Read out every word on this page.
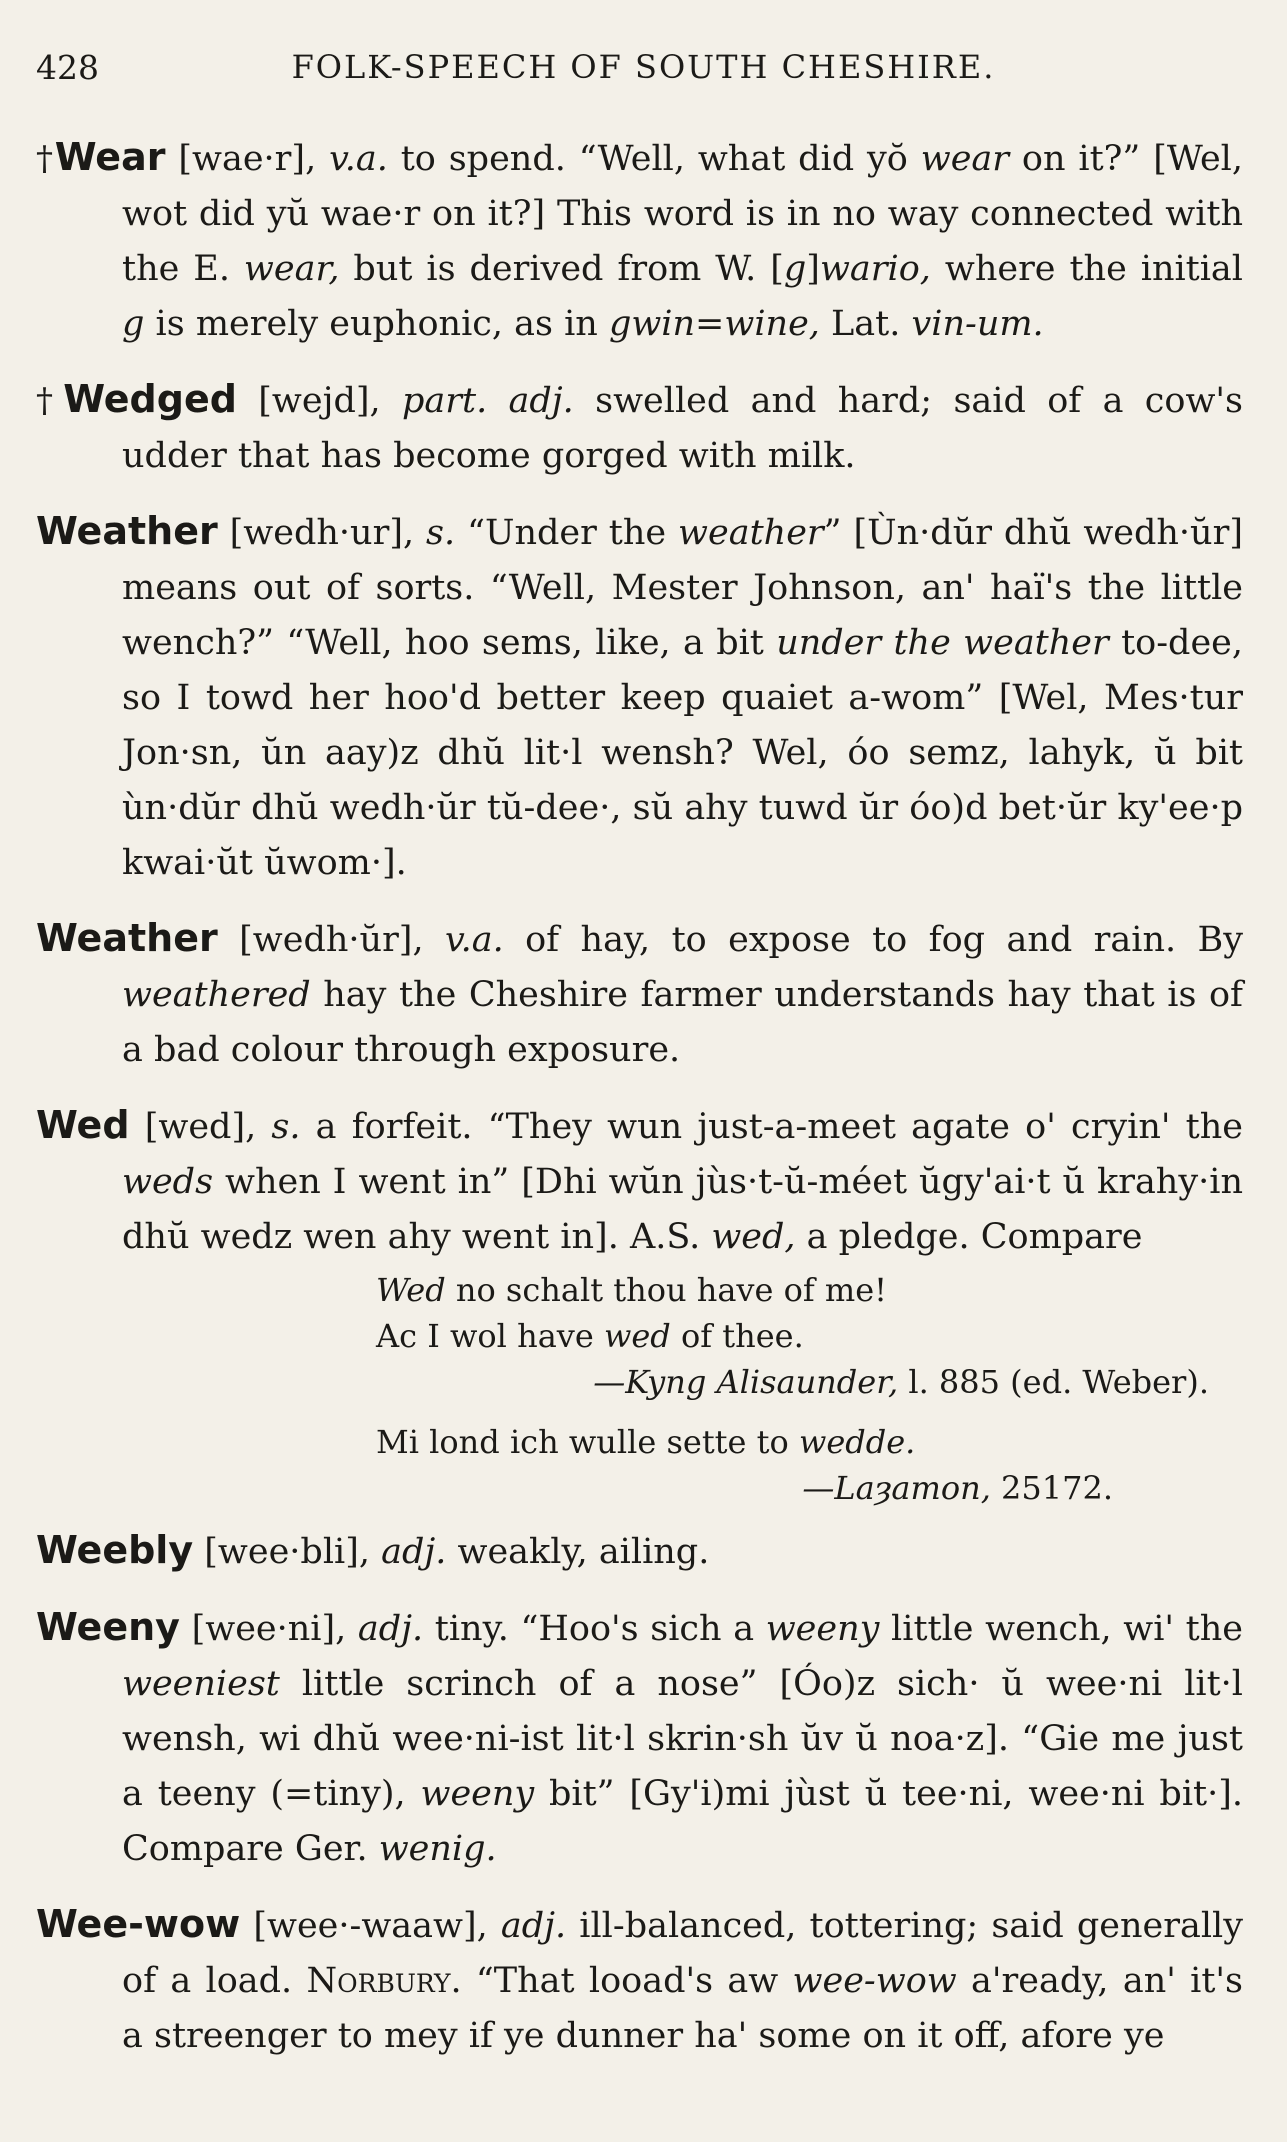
428	FOLK-SPEECH OF SOUTH CHESHIRE.

†Wear [wae·r], v.a. to spend. “Well, what did yŏ wear on it?” [Wel, wot did yŭ wae·r on it?] This word is in no way connected with the E. wear, but is derived from W. [g]wario, where the initial g is merely euphonic, as in gwin=wine, Lat. vin-um.

†Wedged [wejd], part. adj. swelled and hard; said of a cow's udder that has become gorged with milk.

Weather [wedh·ur], s. “Under the weather” [Ùn·dŭr dhŭ wedh·ŭr] means out of sorts. “Well, Mester Johnson, an' haï's the little wench?” “Well, hoo sems, like, a bit under the weather to-dee, so I towd her hoo'd better keep quaiet a-wom” [Wel, Mes·tur Jon·sn, ŭn aay)z dhŭ lit·l wensh? Wel, óo semz, lahyk, ŭ bit ùn·dŭr dhŭ wedh·ŭr tŭ-dee·, sŭ ahy tuwd ŭr óo)d bet·ŭr ky'ee·p kwai·ŭt ŭwom·].

Weather [wedh·ŭr], v.a. of hay, to expose to fog and rain. By weathered hay the Cheshire farmer understands hay that is of a bad colour through exposure.

Wed [wed], s. a forfeit. “They wun just-a-meet agate o' cryin' the weds when I went in” [Dhi wŭn jùs·t-ŭ-méet ŭgy'ai·t ŭ krahy·in dhŭ wedz wen ahy went in]. A.S. wed, a pledge. Compare

Wed no schalt thou have of me!
Ac I wol have wed of thee.
—Kyng Alisaunder, l. 885 (ed. Weber).
Mi lond ich wulle sette to wedde.
—Laȝamon, 25172.

Weebly [wee·bli], adj. weakly, ailing.

Weeny [wee·ni], adj. tiny. “Hoo's sich a weeny little wench, wi' the weeniest little scrinch of a nose” [Óo)z sich· ŭ wee·ni lit·l wensh, wi dhŭ wee·ni-ist lit·l skrin·sh ŭv ŭ noa·z]. “Gie me just a teeny (=tiny), weeny bit” [Gy'i)mi jùst ŭ tee·ni, wee·ni bit·]. Compare Ger. wenig.

Wee-wow [wee·-waaw], adj. ill-balanced, tottering; said generally of a load. Norbury. “That looad's aw wee-wow a'ready, an' it's a streenger to mey if ye dunner ha' some on it off, afore ye
